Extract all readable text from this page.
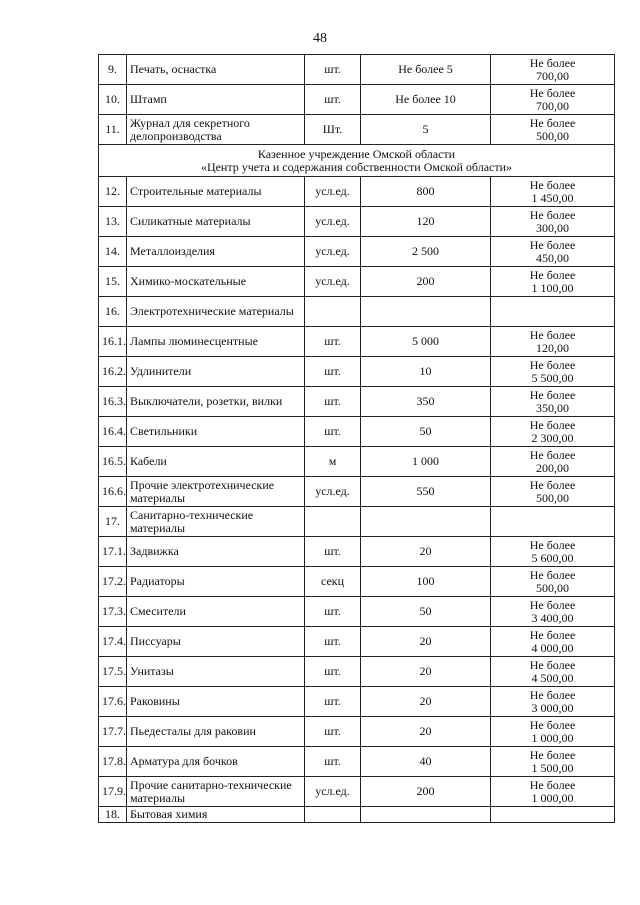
48
9.	Печать, оснастка	шт.	Не более 5	Не более
700,00

10.	Штамп	шт.	Не более 10	Не более
700,00

11.	Журнал для секретного делопроизводства	Шт.	5	Не более
500,00

Казенное учреждение Омской области
«Центр учета и содержания собственности Омской области»				

12.	Строительные материалы	усл.ед.	800	Не более
1 450,00

13.	Силикатные материалы	усл.ед.	120	Не более
300,00

14.	Металлоизделия	усл.ед.	2 500	Не более
450,00

15.	Химико-москательные	усл.ед.	200	Не более
1 100,00

16.	Электротехнические материалы			
16.1.	Лампы люминесцентные	шт.	5 000	Не более
120,00

16.2.	Удлинители	шт.	10	Не более
5 500,00

16.3.	Выключатели, розетки, вилки	шт.	350	Не более
350,00

16.4.	Светильники	шт.	50	Не более
2 300,00

16.5.	Кабели	м	1 000	Не более
200,00

16.6.	Прочие электротехнические материалы	усл.ед.	550	Не более
500,00

17.	Санитарно-технические материалы			
17.1.	Задвижка	шт.	20	Не более
5 600,00

17.2.	Радиаторы	секц	100	Не более
500,00

17.3.	Смесители	шт.	50	Не более
3 400,00

17.4.	Писсуары	шт.	20	Не более
4 000,00

17.5.	Унитазы	шт.	20	Не более
4 500,00

17.6.	Раковины	шт.	20	Не более
3 000,00

17.7.	Пьедесталы для раковин	шт.	20	Не более
1 000,00

17.8.	Арматура для бочков	шт.	40	Не более
1 500,00

17.9.	Прочие санитарно-технические материалы	усл.ед.	200	Не более
1 000,00

18.	Бытовая химия			
